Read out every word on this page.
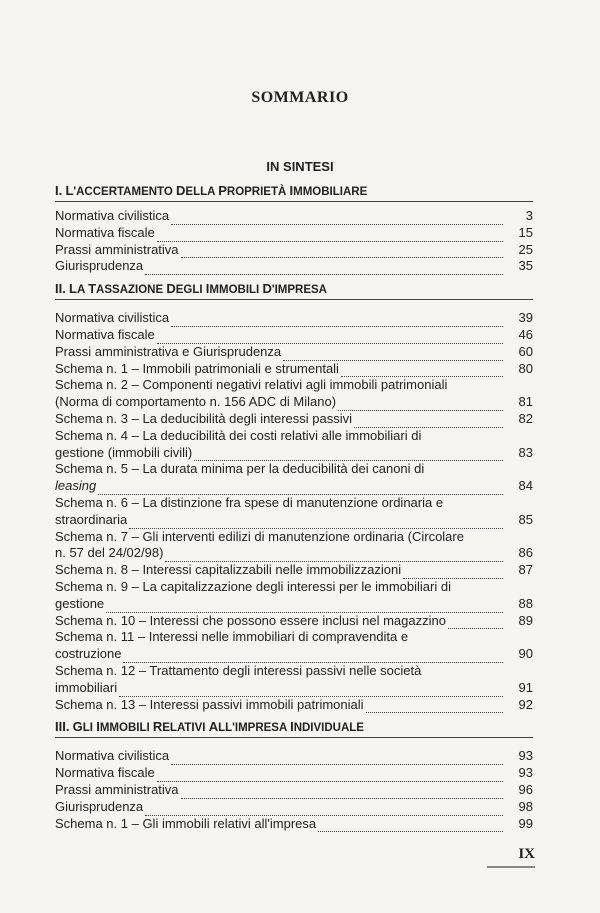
SOMMARIO
IN SINTESI
I. L'ACCERTAMENTO DELLA PROPRIETÀ IMMOBILIARE
Normativa civilistica	3
Normativa fiscale	15
Prassi amministrativa	25
Giurisprudenza	35
II. LA TASSAZIONE DEGLI IMMOBILI D'IMPRESA
Normativa civilistica	39
Normativa fiscale	46
Prassi amministrativa e Giurisprudenza	60
Schema n. 1 – Immobili patrimoniali e strumentali	80
Schema n. 2 – Componenti negativi relativi agli immobili patrimoniali
(Norma di comportamento n. 156 ADC di Milano)	81
Schema n. 3 – La deducibilità degli interessi passivi	82
Schema n. 4 – La deducibilità dei costi relativi alle immobiliari di
gestione (immobili civili)	83
Schema n. 5 – La durata minima per la deducibilità dei canoni di
leasing	84
Schema n. 6 – La distinzione fra spese di manutenzione ordinaria e
straordinaria	85
Schema n. 7 – Gli interventi edilizi di manutenzione ordinaria (Circolare
n. 57 del 24/02/98)	86
Schema n. 8 – Interessi capitalizzabili nelle immobilizzazioni	87
Schema n. 9 – La capitalizzazione degli interessi per le immobiliari di
gestione	88
Schema n. 10 – Interessi che possono essere inclusi nel magazzino	89
Schema n. 11 – Interessi nelle immobiliari di compravendita e
costruzione	90
Schema n. 12 – Trattamento degli interessi passivi nelle società
immobiliari	91
Schema n. 13 – Interessi passivi immobili patrimoniali	92
III. GLI IMMOBILI RELATIVI ALL'IMPRESA INDIVIDUALE
Normativa civilistica	93
Normativa fiscale	93
Prassi amministrativa	96
Giurisprudenza	98
Schema n. 1 – Gli immobili relativi all'impresa	99
IX
